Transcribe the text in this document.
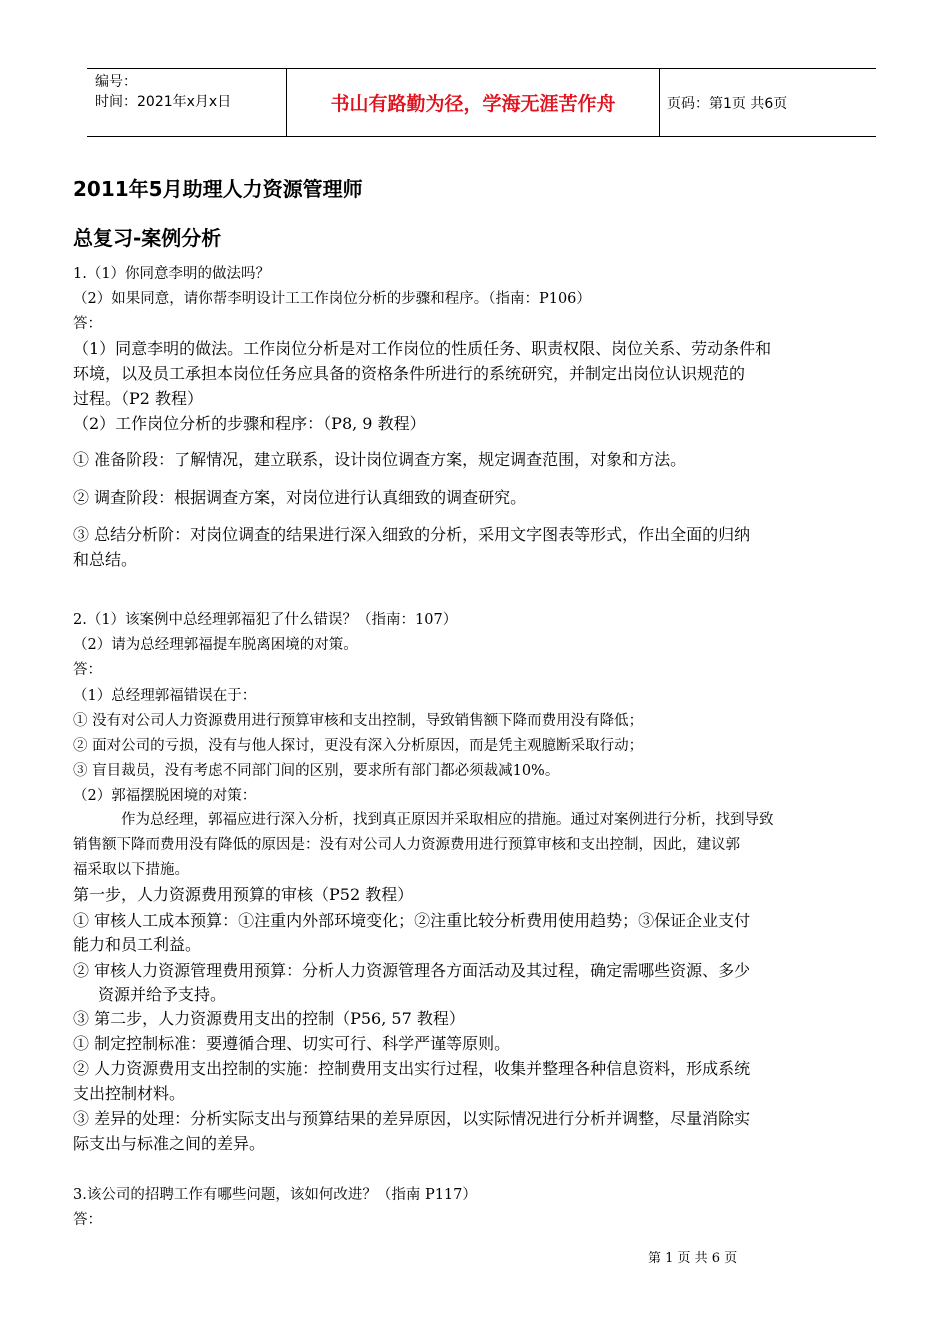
编号：
时间：2021年x月x日	书山有路勤为径，学海无涯苦作舟	页码：第1页 共6页
2011年5月助理人力资源管理师
总复习-案例分析
1.（1）你同意李明的做法吗？
（2）如果同意，请你帮李明设计工工作岗位分析的步骤和程序。（指南：P106）
答：
（1）同意李明的做法。工作岗位分析是对工作岗位的性质任务、职责权限、岗位关系、劳动条件和
环境，以及员工承担本岗位任务应具备的资格条件所进行的系统研究，并制定出岗位认识规范的
过程。（P2 教程）
（2）工作岗位分析的步骤和程序：（P8, 9 教程）
① 准备阶段：了解情况，建立联系，设计岗位调查方案，规定调查范围，对象和方法。
② 调查阶段：根据调查方案，对岗位进行认真细致的调查研究。
③ 总结分析阶：对岗位调查的结果进行深入细致的分析，采用文字图表等形式，作出全面的归纳
和总结。
2.（1）该案例中总经理郭福犯了什么错误？（指南：107）
（2）请为总经理郭福提车脱离困境的对策。
答：
（1）总经理郭福错误在于：
① 没有对公司人力资源费用进行预算审核和支出控制，导致销售额下降而费用没有降低；
② 面对公司的亏损，没有与他人探讨，更没有深入分析原因，而是凭主观臆断采取行动；
③ 盲目裁员，没有考虑不同部门间的区别，要求所有部门都必须裁减10%。
（2）郭福摆脱困境的对策：
作为总经理，郭福应进行深入分析，找到真正原因并采取相应的措施。通过对案例进行分析，找到导致
销售额下降而费用没有降低的原因是：没有对公司人力资源费用进行预算审核和支出控制，因此，建议郭
福采取以下措施。
第一步，人力资源费用预算的审核（P52 教程）
① 审核人工成本预算：①注重内外部环境变化；②注重比较分析费用使用趋势；③保证企业支付
能力和员工利益。
② 审核人力资源管理费用预算：分析人力资源管理各方面活动及其过程，确定需哪些资源、多少
资源并给予支持。
③ 第二步，人力资源费用支出的控制（P56, 57 教程）
① 制定控制标准：要遵循合理、切实可行、科学严谨等原则。
② 人力资源费用支出控制的实施：控制费用支出实行过程，收集并整理各种信息资料，形成系统
支出控制材料。
③ 差异的处理：分析实际支出与预算结果的差异原因，以实际情况进行分析并调整，尽量消除实
际支出与标准之间的差异。
3.该公司的招聘工作有哪些问题，该如何改进？（指南 P117）
答：
第 1 页 共 6 页
